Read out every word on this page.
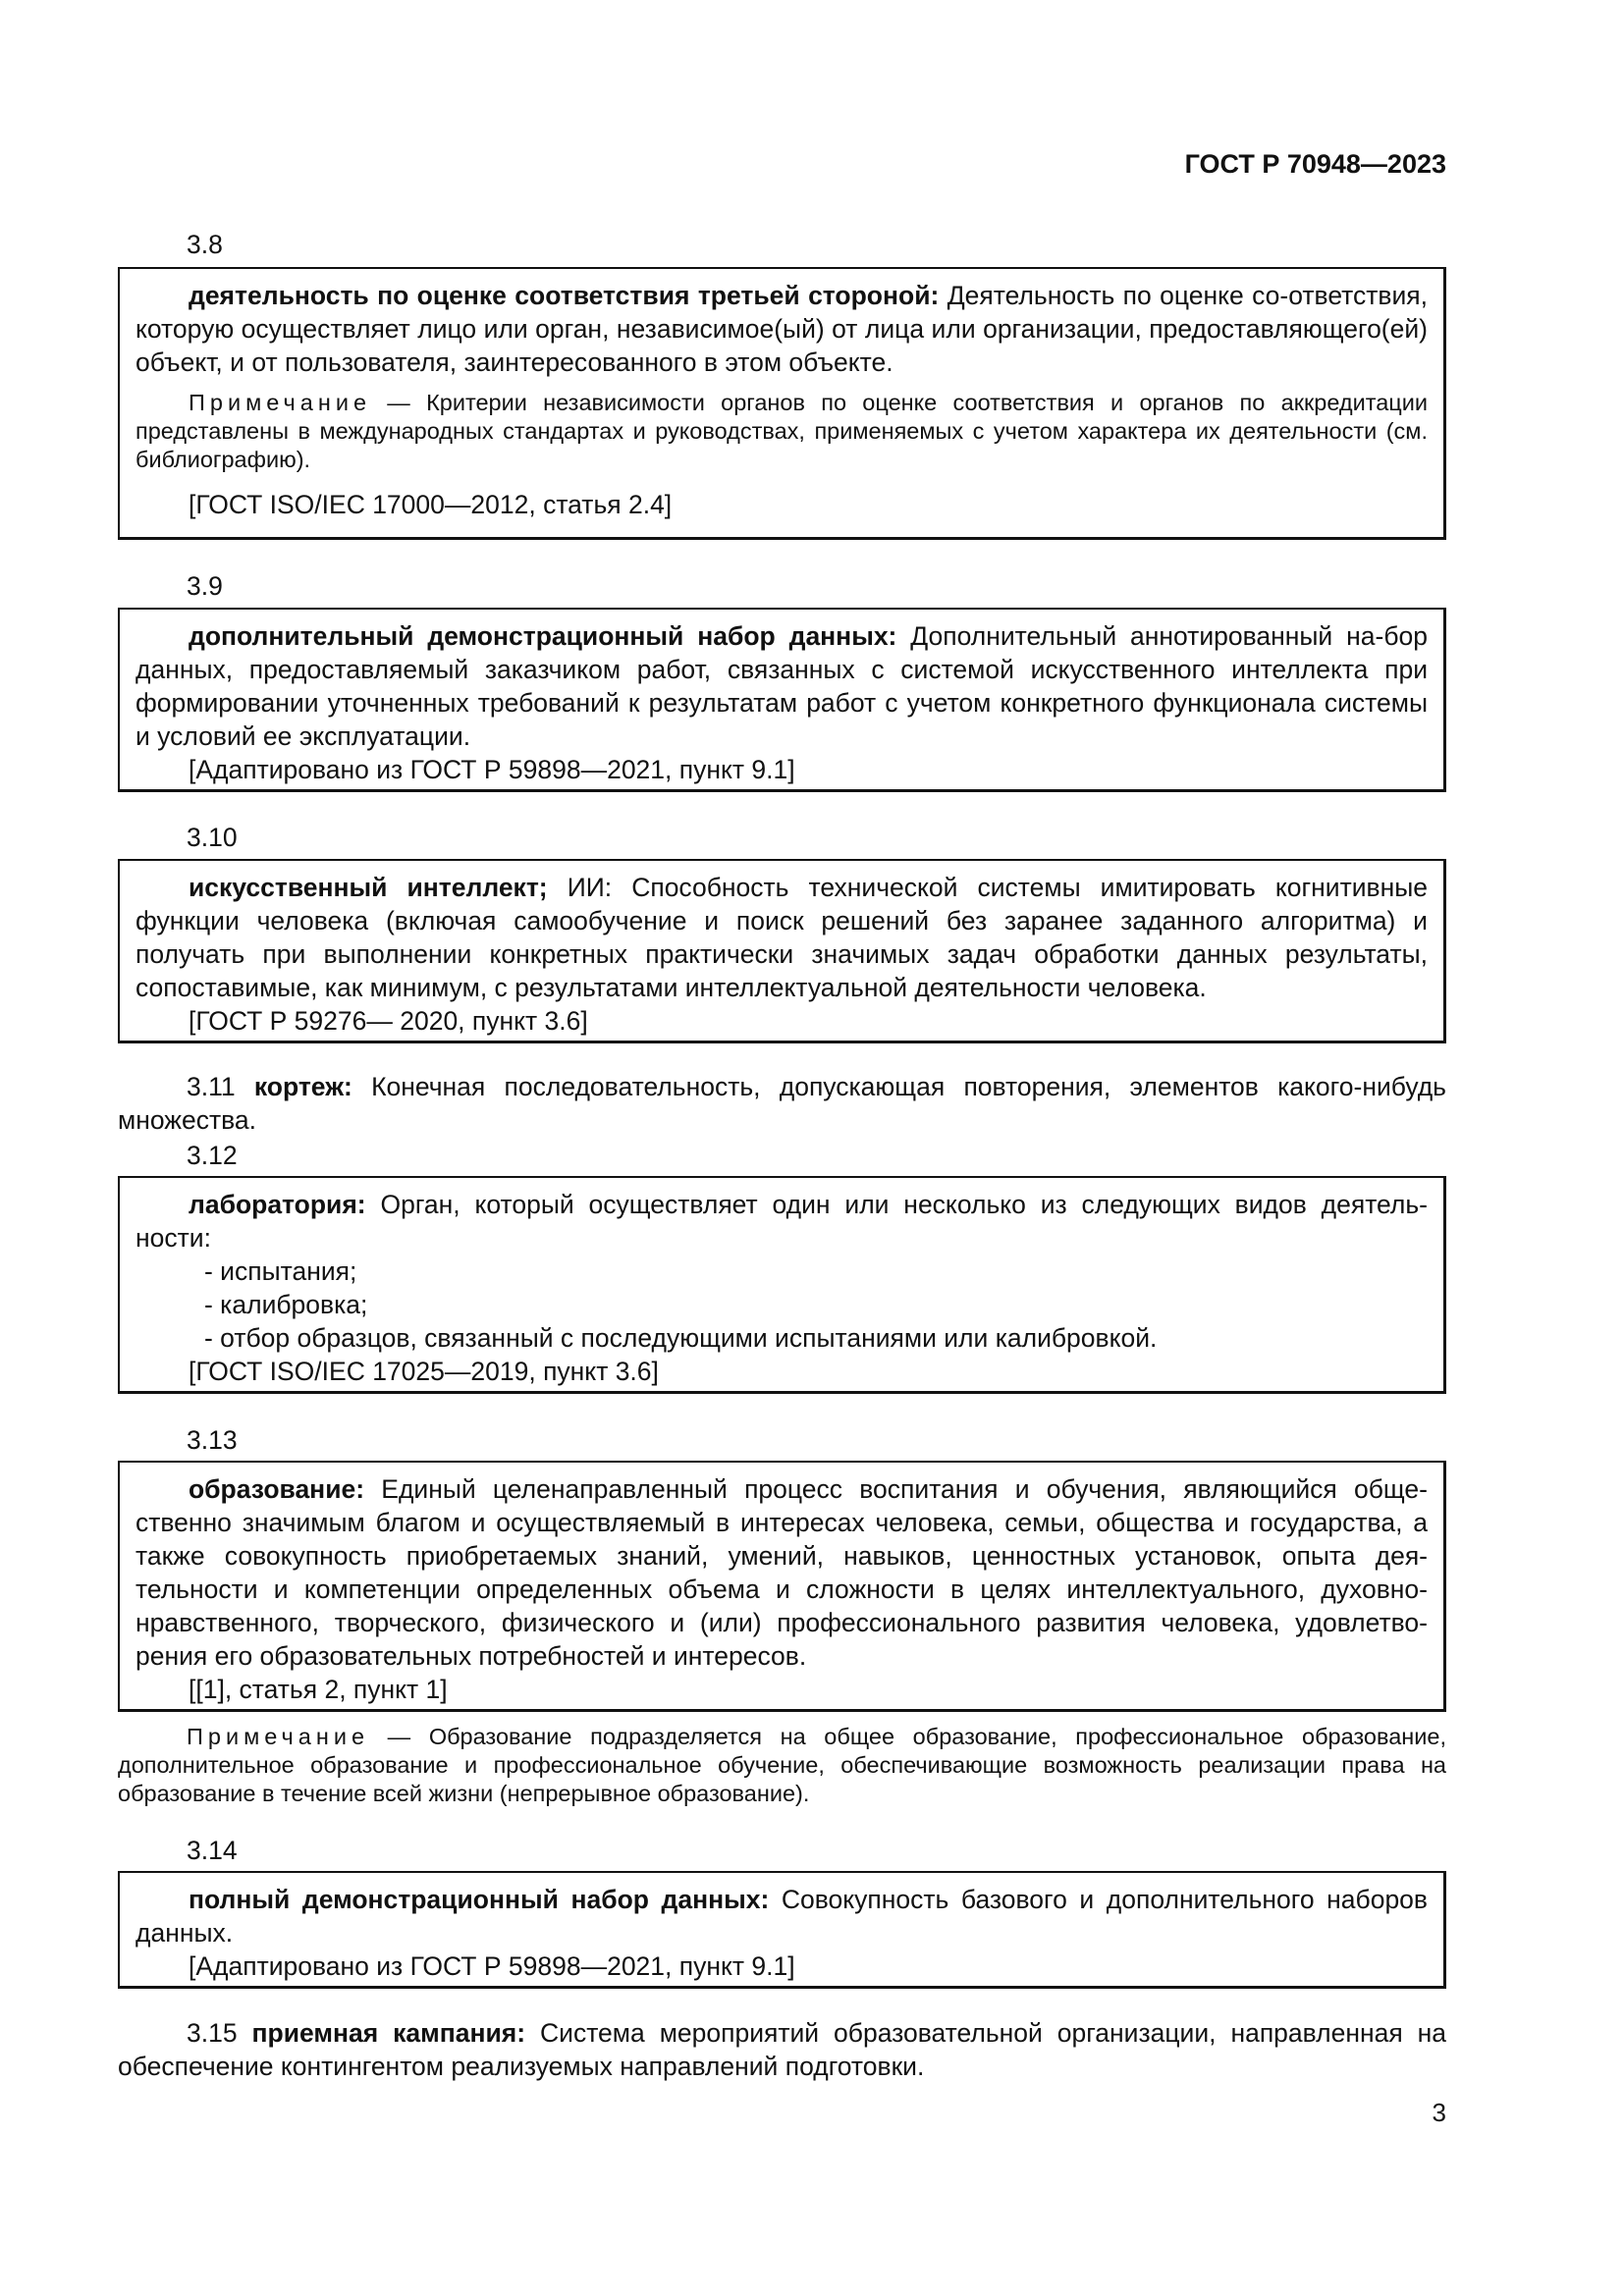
ГОСТ Р 70948—2023
3.8

деятельность по оценке соответствия третьей стороной: Деятельность по оценке со-ответствия, которую осуществляет лицо или орган, независимое(ый) от лица или организации, предоставляющего(ей) объект, и от пользователя, заинтересованного в этом объекте.

Примечание — Критерии независимости органов по оценке соответствия и органов по аккредитации представлены в международных стандартах и руководствах, применяемых с учетом характера их деятельности (см. библиографию).

[ГОСТ ISO/IEC 17000—2012, статья 2.4]

3.9

дополнительный демонстрационный набор данных: Дополнительный аннотированный на-бор данных, предоставляемый заказчиком работ, связанных с системой искусственного интеллекта при формировании уточненных требований к результатам работ с учетом конкретного функционала системы и условий ее эксплуатации.

[Адаптировано из ГОСТ Р 59898—2021, пункт 9.1]

3.10

искусственный интеллект; ИИ: Способность технической системы имитировать когнитивные функции человека (включая самообучение и поиск решений без заранее заданного алгоритма) и получать при выполнении конкретных практически значимых задач обработки данных результаты, сопоставимые, как минимум, с результатами интеллектуальной деятельности человека.

[ГОСТ Р 59276— 2020, пункт 3.6]

3.11 кортеж: Конечная последовательность, допускающая повторения, элементов какого-нибудь множества.

3.12

лаборатория: Орган, который осуществляет один или несколько из следующих видов деятель-ности:

- испытания;

- калибровка;

- отбор образцов, связанный с последующими испытаниями или калибровкой.

[ГОСТ ISO/IEC 17025—2019, пункт 3.6]

3.13

образование: Единый целенаправленный процесс воспитания и обучения, являющийся обще-ственно значимым благом и осуществляемый в интересах человека, семьи, общества и государства, а также совокупность приобретаемых знаний, умений, навыков, ценностных установок, опыта дея-тельности и компетенции определенных объема и сложности в целях интеллектуального, духовно-нравственного, творческого, физического и (или) профессионального развития человека, удовлетво-рения его образовательных потребностей и интересов.

[[1], статья 2, пункт 1]

Примечание — Образование подразделяется на общее образование, профессиональное образование, дополнительное образование и профессиональное обучение, обеспечивающие возможность реализации права на образование в течение всей жизни (непрерывное образование).

3.14

полный демонстрационный набор данных: Совокупность базового и дополнительного наборов данных.

[Адаптировано из ГОСТ Р 59898—2021, пункт 9.1]

3.15 приемная кампания: Система мероприятий образовательной организации, направленная на обеспечение контингентом реализуемых направлений подготовки.

3
